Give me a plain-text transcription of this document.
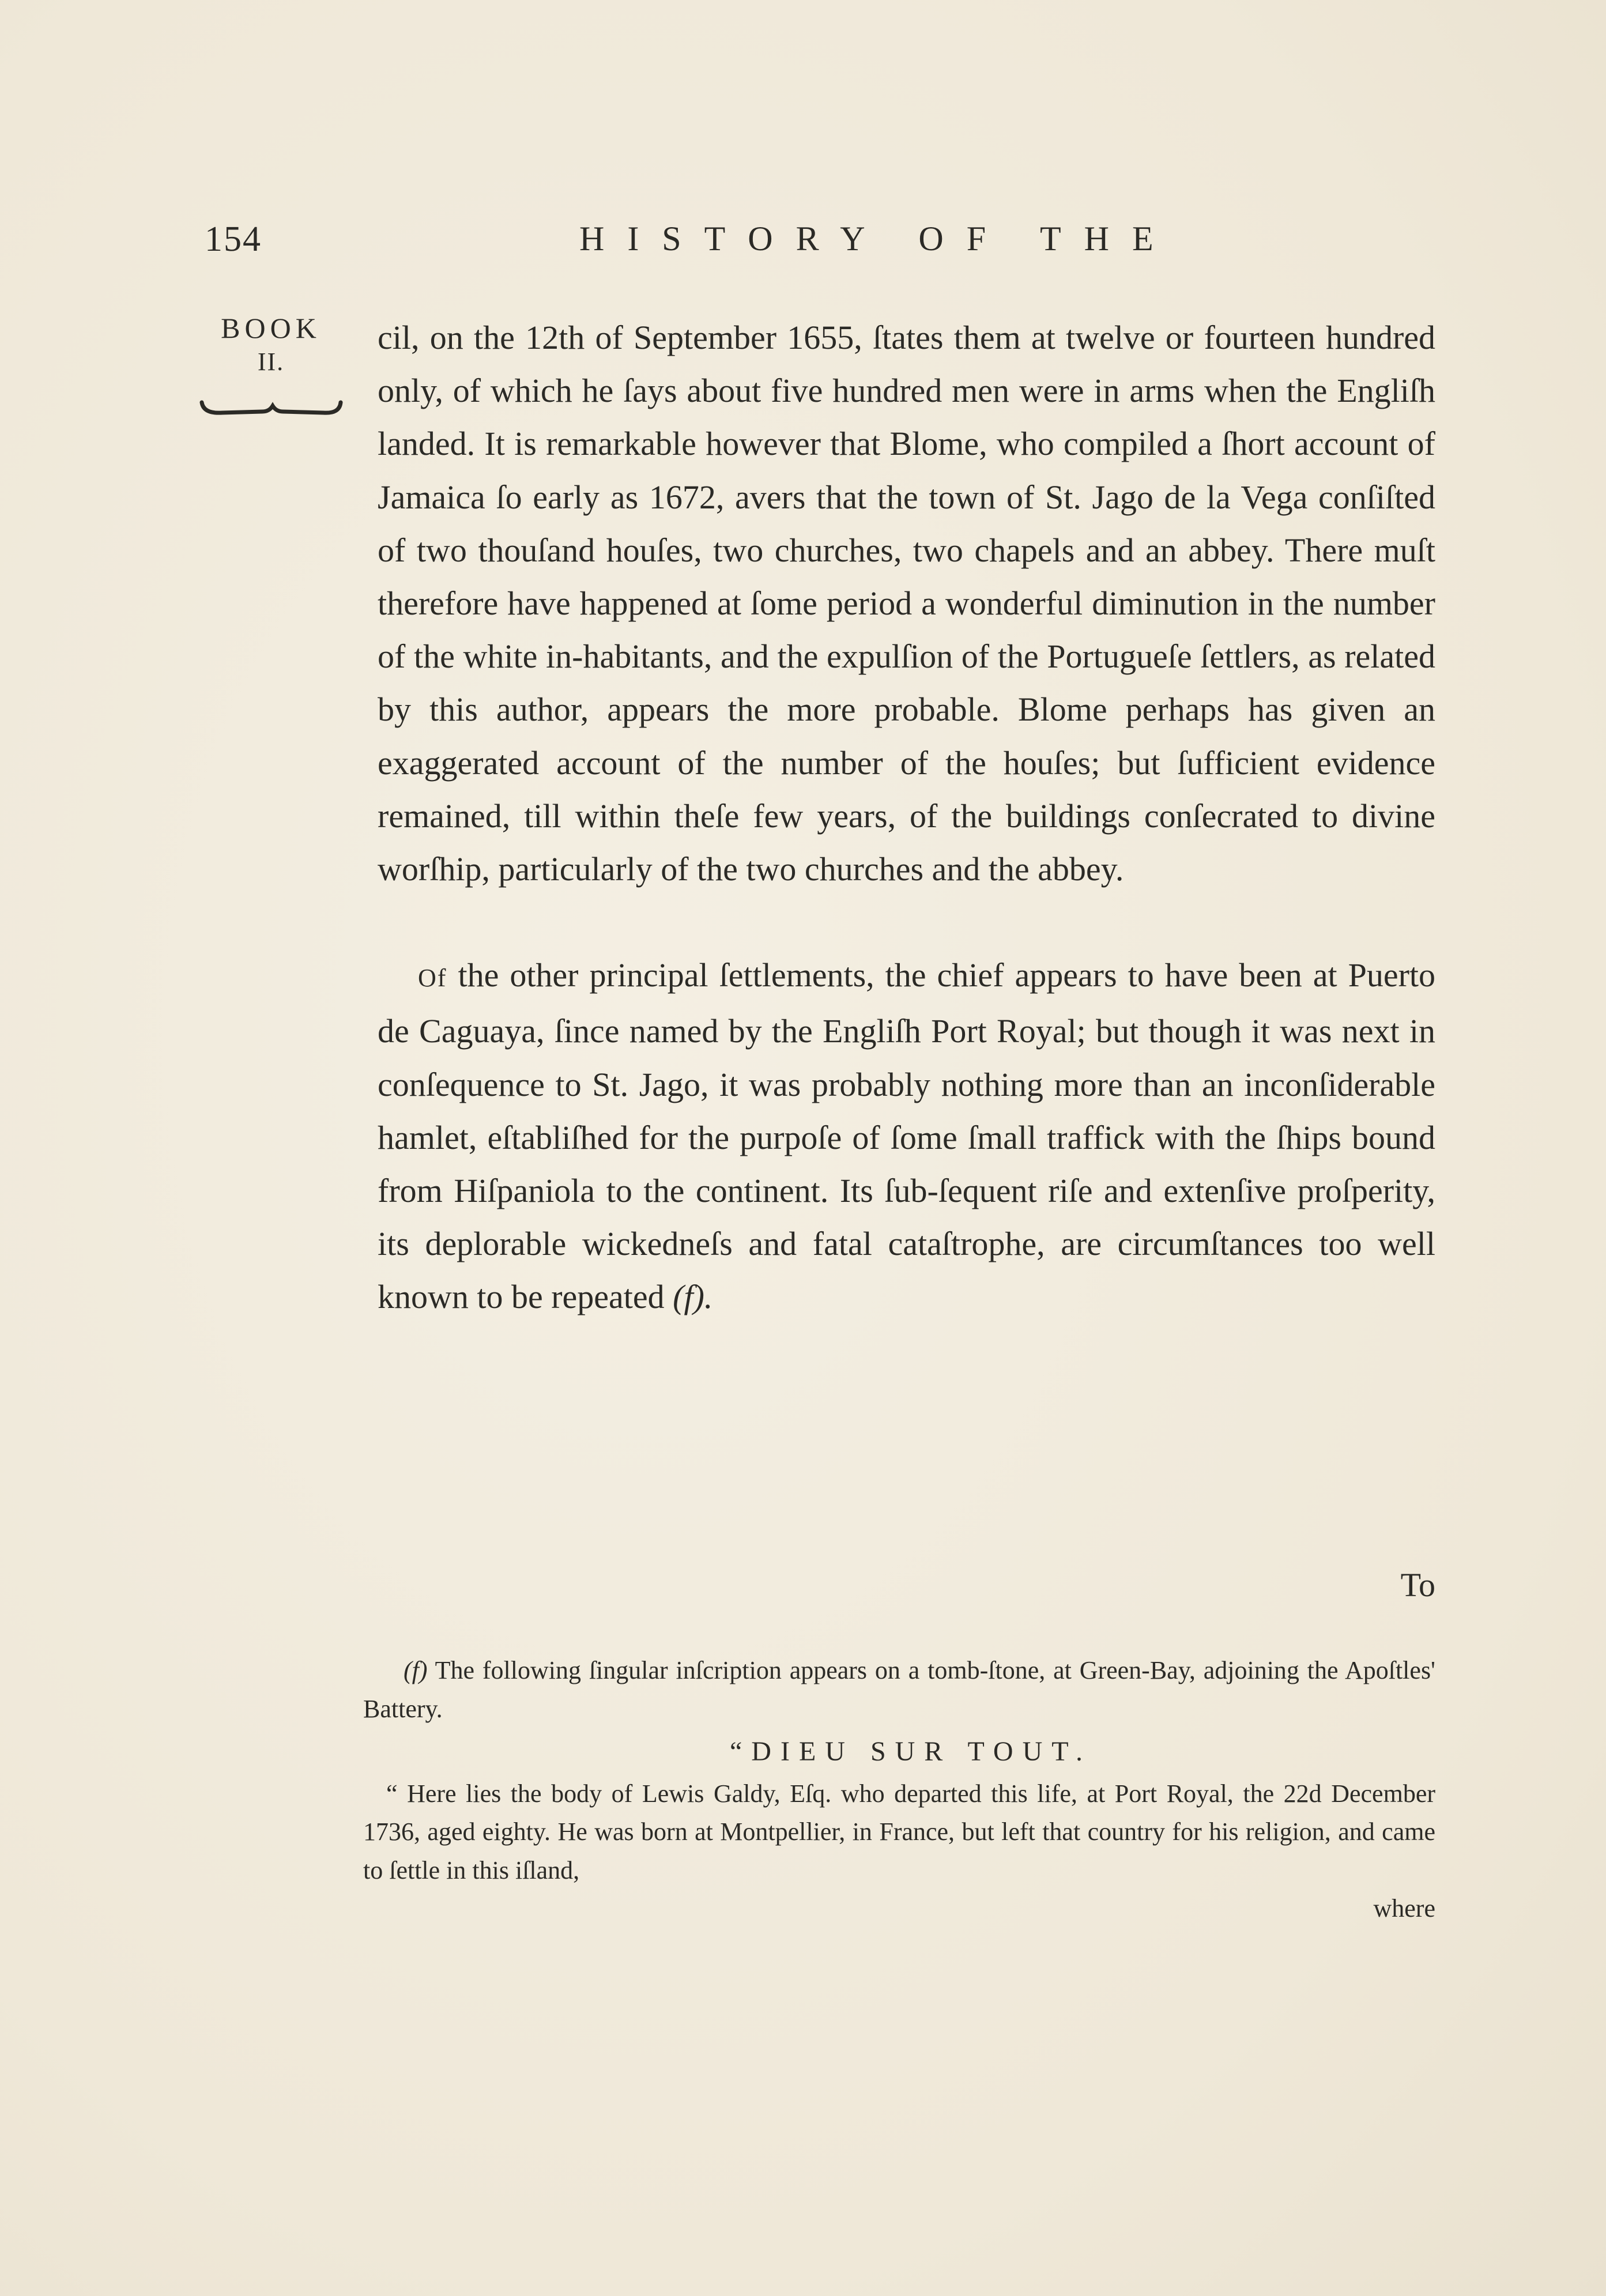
154	HISTORY OF THE
BOOK
II.

cil, on the 12th of September 1655, ſtates them at twelve or fourteen hundred only, of which he ſays about five hundred men were in arms when the Engliſh landed. It is remarkable however that Blome, who compiled a ſhort account of Jamaica ſo early as 1672, avers that the town of St. Jago de la Vega conſiſted of two thouſand houſes, two churches, two chapels and an abbey. There muſt therefore have happened at ſome period a wonderful diminution in the number of the white in-habitants, and the expulſion of the Portugueſe ſettlers, as related by this author, appears the more probable. Blome perhaps has given an exaggerated account of the number of the houſes; but ſufficient evidence remained, till within theſe few years, of the buildings conſecrated to divine worſhip, particularly of the two churches and the abbey.

Of the other principal ſettlements, the chief appears to have been at Puerto de Caguaya, ſince named by the Engliſh Port Royal; but though it was next in conſequence to St. Jago, it was probably nothing more than an inconſiderable hamlet, eſtabliſhed for the purpoſe of ſome ſmall traffick with the ſhips bound from Hiſpaniola to the continent. Its ſub-ſequent riſe and extenſive proſperity, its deplorable wickedneſs and fatal cataſtrophe, are circumſtances too well known to be repeated (f).

To

(f) The following ſingular inſcription appears on a tomb-ſtone, at Green-Bay, adjoining the Apoſtles' Battery.

“DIEU SUR TOUT.

“ Here lies the body of Lewis Galdy, Eſq. who departed this life, at Port Royal, the 22d December 1736, aged eighty. He was born at Montpellier, in France, but left that country for his religion, and came to ſettle in this iſland,

where
